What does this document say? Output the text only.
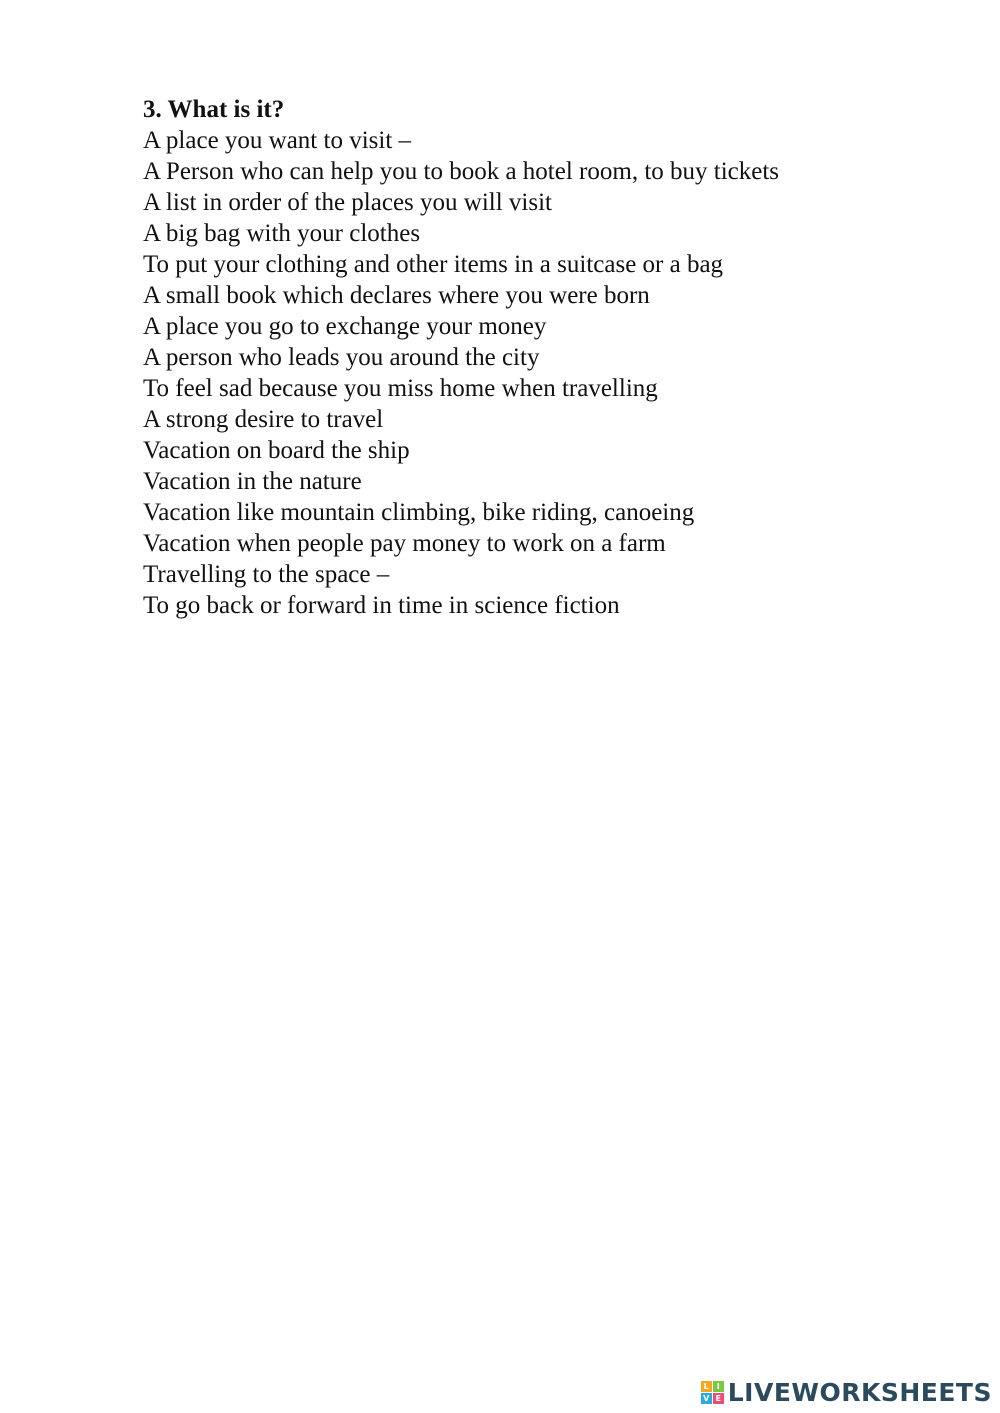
3. What is it?
A place you want to visit –
A Person who can help you to book a hotel room, to buy tickets
A list in order of the places you will visit
A big bag with your clothes
To put your clothing and other items in a suitcase or a bag
A small book which declares where you were born
A place you go to exchange your money
A person who leads you around the city
To feel sad because you miss home when travelling
A strong desire to travel
Vacation on board the ship
Vacation in the nature
Vacation like mountain climbing, bike riding, canoeing
Vacation when people pay money to work on a farm
Travelling to the space –
To go back or forward in time in science fiction
L I
V E LIVEWORKSHEETS
